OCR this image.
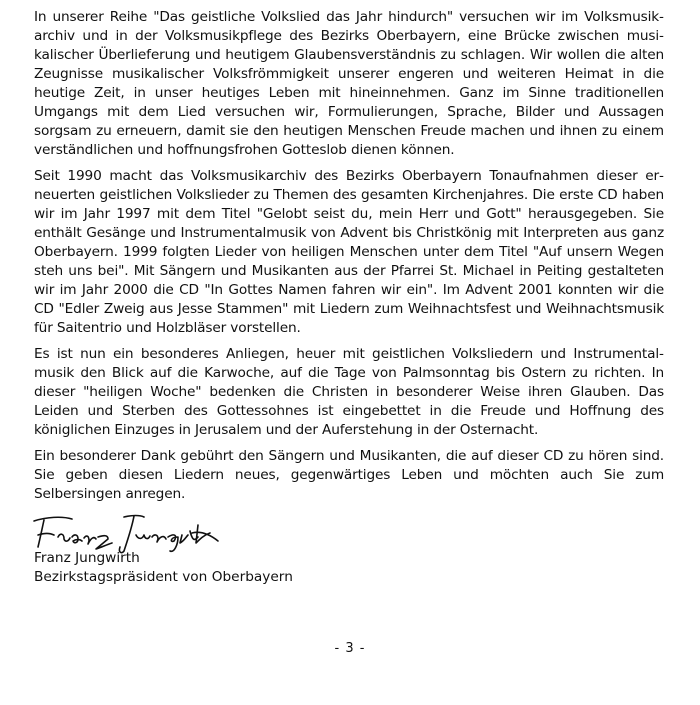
In unserer Reihe "Das geistliche Volkslied das Jahr hindurch" versuchen wir im Volksmusikarchiv und in der Volksmusikpflege des Bezirks Oberbayern, eine Brücke zwischen musikalischer Überlieferung und heutigem Glaubensverständnis zu schlagen. Wir wollen die alten Zeugnisse musikalischer Volksfrömmigkeit unserer engeren und weiteren Heimat in die heutige Zeit, in unser heutiges Leben mit hineinnehmen. Ganz im Sinne traditionellen Umgangs mit dem Lied versuchen wir, Formulierungen, Sprache, Bilder und Aussagen sorgsam zu erneuern, damit sie den heutigen Menschen Freude machen und ihnen zu einem verständlichen und hoffnungsfrohen Gotteslob dienen können.

Seit 1990 macht das Volksmusikarchiv des Bezirks Oberbayern Tonaufnahmen dieser erneuerten geistlichen Volkslieder zu Themen des gesamten Kirchenjahres. Die erste CD haben wir im Jahr 1997 mit dem Titel "Gelobt seist du, mein Herr und Gott" herausgegeben. Sie enthält Gesänge und Instrumentalmusik von Advent bis Christkönig mit Interpreten aus ganz Oberbayern. 1999 folgten Lieder von heiligen Menschen unter dem Titel "Auf unsern Wegen steh uns bei". Mit Sängern und Musikanten aus der Pfarrei St. Michael in Peiting gestalteten wir im Jahr 2000 die CD "In Gottes Namen fahren wir ein". Im Advent 2001 konnten wir die CD "Edler Zweig aus Jesse Stammen" mit Liedern zum Weihnachtsfest und Weihnachtsmusik für Saitentrio und Holzbläser vorstellen.

Es ist nun ein besonderes Anliegen, heuer mit geistlichen Volksliedern und Instrumentalmusik den Blick auf die Karwoche, auf die Tage von Palmsonntag bis Ostern zu richten. In dieser "heiligen Woche" bedenken die Christen in besonderer Weise ihren Glauben. Das Leiden und Sterben des Gottessohnes ist eingebettet in die Freude und Hoffnung des königlichen Einzuges in Jerusalem und der Auferstehung in der Osternacht.

Ein besonderer Dank gebührt den Sängern und Musikanten, die auf dieser CD zu hören sind. Sie geben diesen Liedern neues, gegenwärtiges Leben und möchten auch Sie zum Selbersingen anregen.

Franz Jungwirth

Bezirkstagspräsident von Oberbayern

- 3 -
